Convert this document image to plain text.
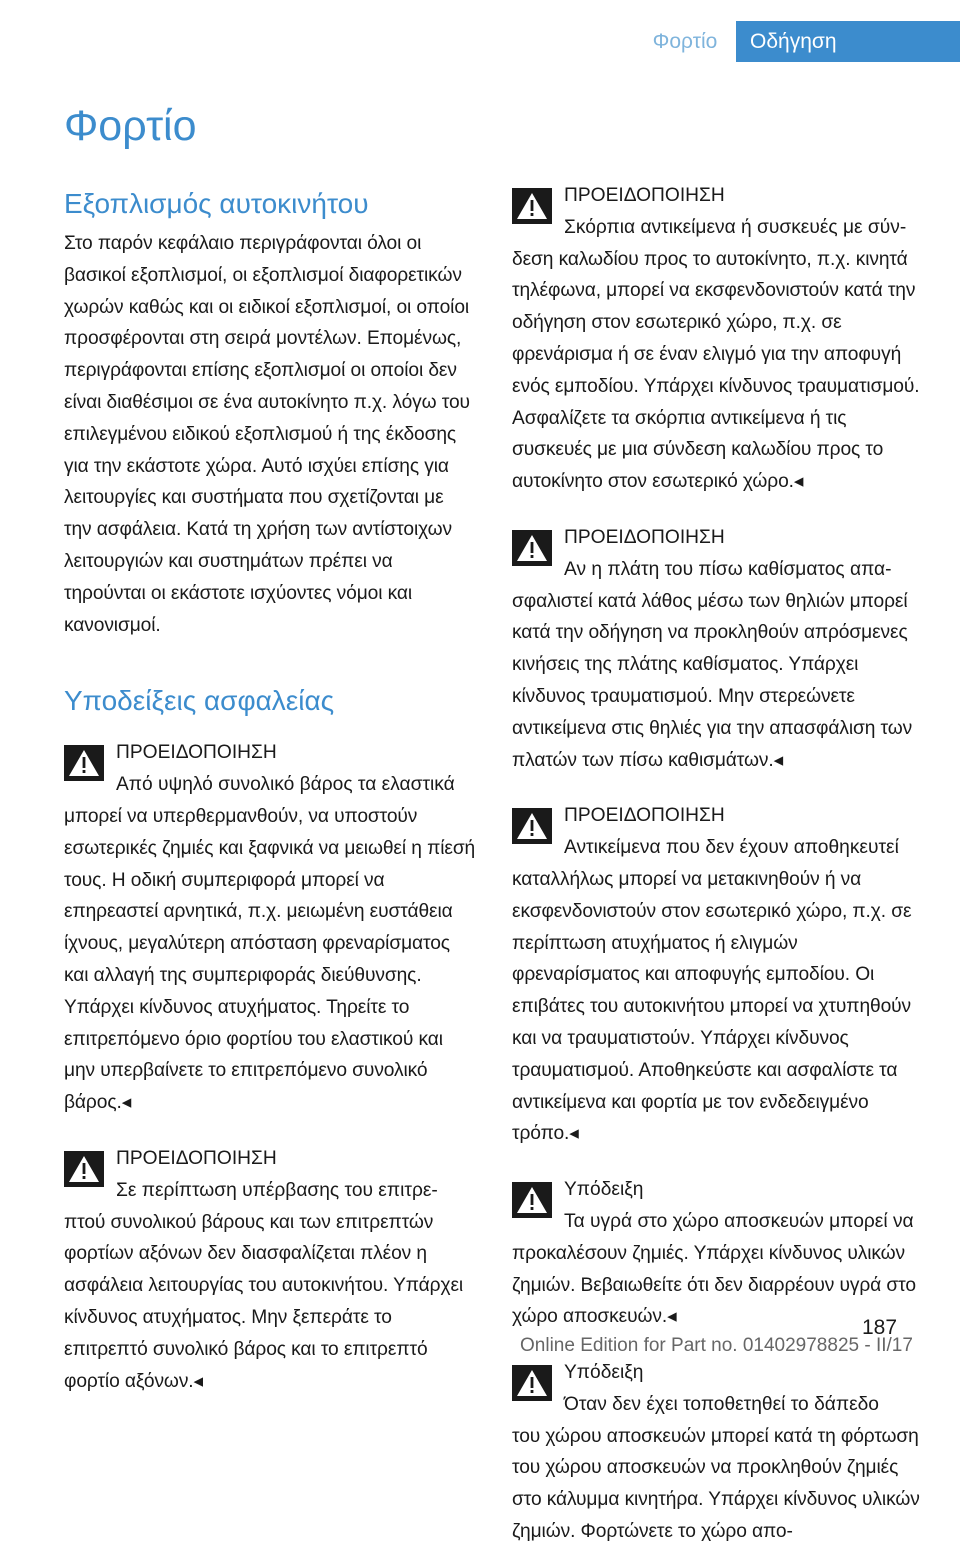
Φορτίο	Οδήγηση
Φορτίο
Εξοπλισμός αυτοκινήτου

Στο παρόν κεφάλαιο περιγράφονται όλοι οι βασικοί εξοπλισμοί, οι εξοπλισμοί διαφορετικών χωρών καθώς και οι ειδικοί εξοπλισμοί, οι οποίοι προσφέρονται στη σειρά μοντέλων. Επομένως, περιγράφονται επίσης εξοπλισμοί οι οποίοι δεν είναι διαθέσιμοι σε ένα αυτοκίνητο π.χ. λόγω του επιλεγμένου ειδικού εξοπλισμού ή της έκδοσης για την εκάστοτε χώρα. Αυτό ισχύει επίσης για λειτουργίες και συστήματα που σχετίζονται με την ασφάλεια. Κατά τη χρήση των αντίστοιχων λειτουργιών και συστημάτων πρέπει να τηρούνται οι εκάστοτε ισχύοντες νόμοι και κανονισμοί.

Υποδείξεις ασφαλείας
ΠΡΟΕΙΔΟΠΟΙΗΣΗ
Από υψηλό συνολικό βάρος τα ελαστικά

μπορεί να υπερθερμανθούν, να υποστούν εσωτερικές ζημιές και ξαφνικά να μειωθεί η πίεσή τους. Η οδική συμπεριφορά μπορεί να επηρεαστεί αρνητικά, π.χ. μειωμένη ευστάθεια ίχνους, μεγαλύτερη απόσταση φρεναρίσματος και αλλαγή της συμπεριφοράς διεύθυνσης. Υπάρχει κίνδυνος ατυχήματος. Τηρείτε το επιτρεπόμενο όριο φορτίου του ελαστικού και μην υπερβαίνετε το επιτρεπόμενο συνολικό βάρος.◂

ΠΡΟΕΙΔΟΠΟΙΗΣΗ
Σε περίπτωση υπέρβασης του επιτρε‐

πτού συνολικού βάρους και των επιτρεπτών φορτίων αξόνων δεν διασφαλίζεται πλέον η ασφάλεια λειτουργίας του αυτοκινήτου. Υπάρχει κίνδυνος ατυχήματος. Μην ξεπεράτε το επιτρεπτό συνολικό βάρος και το επιτρεπτό φορτίο αξόνων.◂

ΠΡΟΕΙΔΟΠΟΙΗΣΗ
Σκόρπια αντικείμενα ή συσκευές με σύν‐

δεση καλωδίου προς το αυτοκίνητο, π.χ. κινητά τηλέφωνα, μπορεί να εκσφενδονιστούν κατά την οδήγηση στον εσωτερικό χώρο, π.χ. σε φρενάρισμα ή σε έναν ελιγμό για την αποφυγή ενός εμποδίου. Υπάρχει κίνδυνος τραυματισμού. Ασφαλίζετε τα σκόρπια αντικείμενα ή τις συσκευές με μια σύνδεση καλωδίου προς το αυτοκίνητο στον εσωτερικό χώρο.◂

ΠΡΟΕΙΔΟΠΟΙΗΣΗ
Αν η πλάτη του πίσω καθίσματος απα‐

σφαλιστεί κατά λάθος μέσω των θηλιών μπορεί κατά την οδήγηση να προκληθούν απρόσμενες κινήσεις της πλάτης καθίσματος. Υπάρχει κίνδυνος τραυματισμού. Μην στερεώνετε αντικείμενα στις θηλιές για την απασφάλιση των πλατών των πίσω καθισμάτων.◂

ΠΡΟΕΙΔΟΠΟΙΗΣΗ
Αντικείμενα που δεν έχουν αποθηκευτεί

καταλλήλως μπορεί να μετακινηθούν ή να εκσφενδονιστούν στον εσωτερικό χώρο, π.χ. σε περίπτωση ατυχήματος ή ελιγμών φρεναρίσματος και αποφυγής εμποδίου. Οι επιβάτες του αυτοκινήτου μπορεί να χτυπηθούν και να τραυματιστούν. Υπάρχει κίνδυνος τραυματισμού. Αποθηκεύστε και ασφαλίστε τα αντικείμενα και φορτία με τον ενδεδειγμένο τρόπο.◂

Υπόδειξη
Τα υγρά στο χώρο αποσκευών μπορεί να

προκαλέσουν ζημιές. Υπάρχει κίνδυνος υλικών ζημιών. Βεβαιωθείτε ότι δεν διαρρέουν υγρά στο χώρο αποσκευών.◂

Υπόδειξη
Όταν δεν έχει τοποθετηθεί το δάπεδο

του χώρου αποσκευών μπορεί κατά τη φόρτωση του χώρου αποσκευών να προκληθούν ζημιές στο κάλυμμα κινητήρα. Υπάρχει κίνδυνος υλικών ζημιών. Φορτώνετε το χώρο απο‐

187
Online Edition for Part no. 01402978825 - II/17
